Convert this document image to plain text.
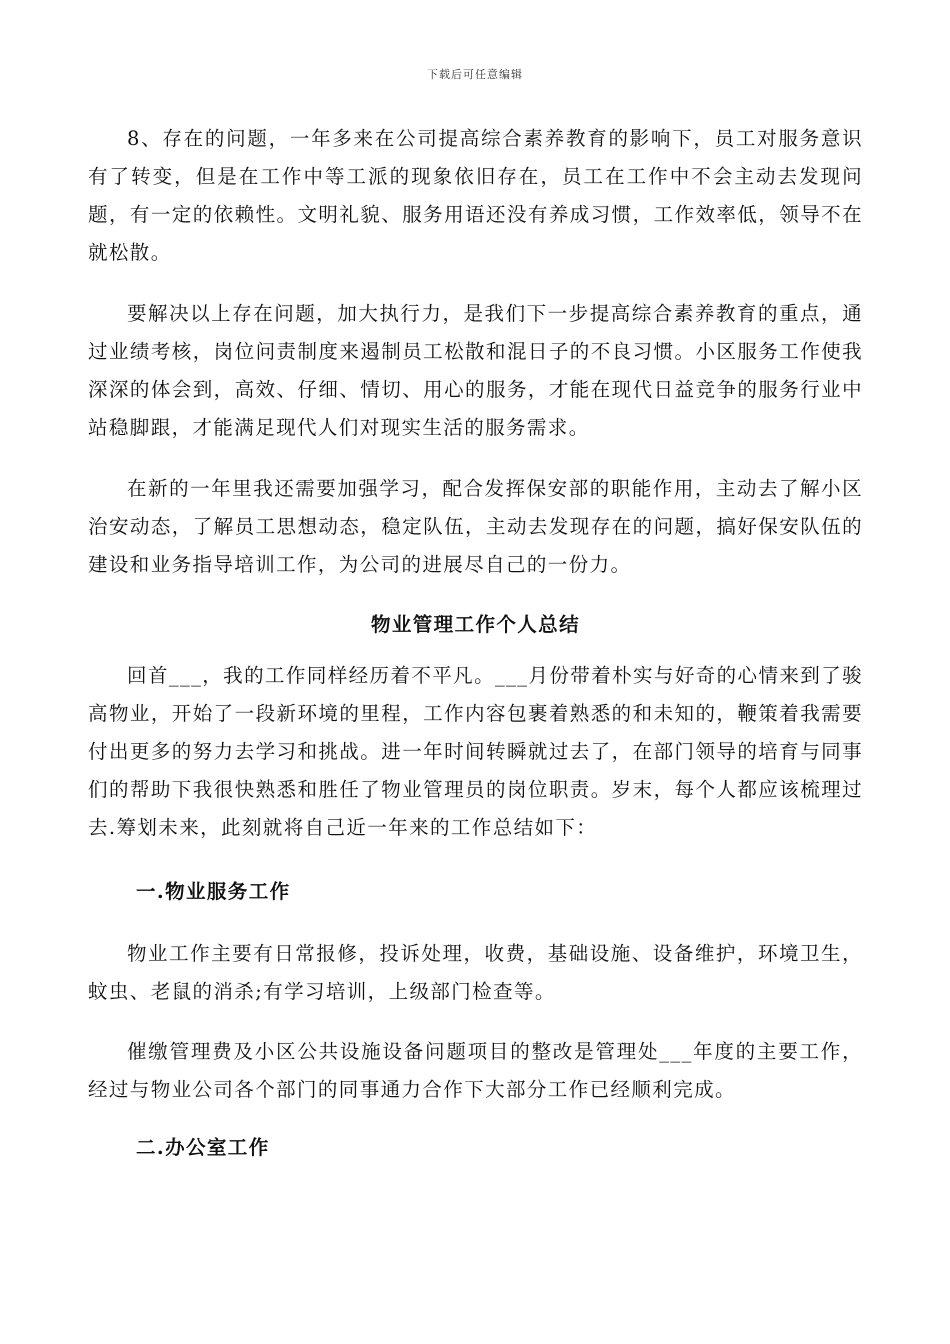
下载后可任意编辑

8、存在的问题，一年多来在公司提高综合素养教育的影响下，员工对服务意识有了转变，但是在工作中等工派的现象依旧存在，员工在工作中不会主动去发现问题，有一定的依赖性。文明礼貌、服务用语还没有养成习惯，工作效率低，领导不在就松散。

要解决以上存在问题，加大执行力，是我们下一步提高综合素养教育的重点，通过业绩考核，岗位问责制度来遏制员工松散和混日子的不良习惯。小区服务工作使我深深的体会到，高效、仔细、情切、用心的服务，才能在现代日益竞争的服务行业中站稳脚跟，才能满足现代人们对现实生活的服务需求。

在新的一年里我还需要加强学习，配合发挥保安部的职能作用，主动去了解小区治安动态，了解员工思想动态，稳定队伍，主动去发现存在的问题，搞好保安队伍的建设和业务指导培训工作，为公司的进展尽自己的一份力。

物业管理工作个人总结

回首___，我的工作同样经历着不平凡。___月份带着朴实与好奇的心情来到了骏高物业，开始了一段新环境的里程，工作内容包裹着熟悉的和未知的，鞭策着我需要付出更多的努力去学习和挑战。进一年时间转瞬就过去了，在部门领导的培育与同事们的帮助下我很快熟悉和胜任了物业管理员的岗位职责。岁末，每个人都应该梳理过去.筹划未来，此刻就将自己近一年来的工作总结如下：

一.物业服务工作

物业工作主要有日常报修，投诉处理，收费，基础设施、设备维护，环境卫生，蚊虫、老鼠的消杀;有学习培训，上级部门检查等。

催缴管理费及小区公共设施设备问题项目的整改是管理处___年度的主要工作，经过与物业公司各个部门的同事通力合作下大部分工作已经顺利完成。

二.办公室工作
